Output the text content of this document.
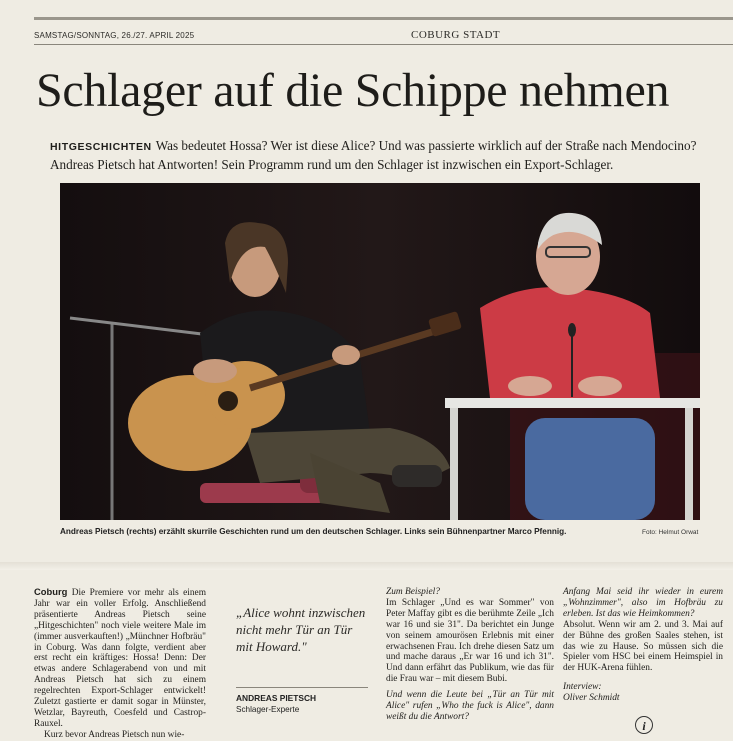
SAMSTAG/SONNTAG, 26./27. APRIL 2025	COBURG STADT
Schlager auf die Schippe nehmen
HITGESCHICHTEN Was bedeutet Hossa? Wer ist diese Alice? Und was passierte wirklich auf der Straße nach Mendocino? Andreas Pietsch hat Antworten! Sein Programm rund um den Schlager ist inzwischen ein Export-Schlager.
Andreas Pietsch (rechts) erzählt skurrile Geschichten rund um den deutschen Schlager. Links sein Bühnenpartner Marco Pfennig.	Foto: Helmut Orwat
Coburg Die Premiere vor mehr als einem Jahr war ein voller Erfolg. Anschließend präsentierte Andreas Pietsch seine „Hitgeschichten" noch viele weitere Male im (immer ausverkauften!) „Münchner Hofbräu" in Coburg. Was dann folgte, verdient aber erst recht ein kräftiges: Hossa! Denn: Der etwas andere Schlagerabend von und mit Andreas Pietsch hat sich zu einem regelrechten Export-Schlager entwickelt! Zuletzt gastierte er damit sogar in Münster, Wetzlar, Bayreuth, Coesfeld und Castrop-Rauxel.
Kurz bevor Andreas Pietsch nun wie-
„Alice wohnt inzwischen nicht mehr Tür an Tür mit Howard."
ANDREAS PIETSCH
Schlager-Experte
Zum Beispiel?
Im Schlager „Und es war Sommer" von Peter Maffay gibt es die berühmte Zeile „Ich war 16 und sie 31". Da berichtet ein Junge von seinem amourösen Erlebnis mit einer erwachsenen Frau. Ich drehe diesen Satz um und mache daraus „Er war 16 und ich 31". Und dann erfährt das Publikum, wie das für die Frau war – mit diesem Bubi.
Und wenn die Leute bei „Tür an Tür mit Alice" rufen „Who the fuck is Alice", dann weißt du die Antwort?
Anfang Mai seid ihr wieder in eurem „Wohnzimmer", also im Hofbräu zu erleben. Ist das wie Heimkommen?
Absolut. Wenn wir am 2. und 3. Mai auf der Bühne des großen Saales stehen, ist das wie zu Hause. So müssen sich die Spieler vom HSC bei einem Heimspiel in der HUK-Arena fühlen.
Interview:
Oliver Schmidt
i
